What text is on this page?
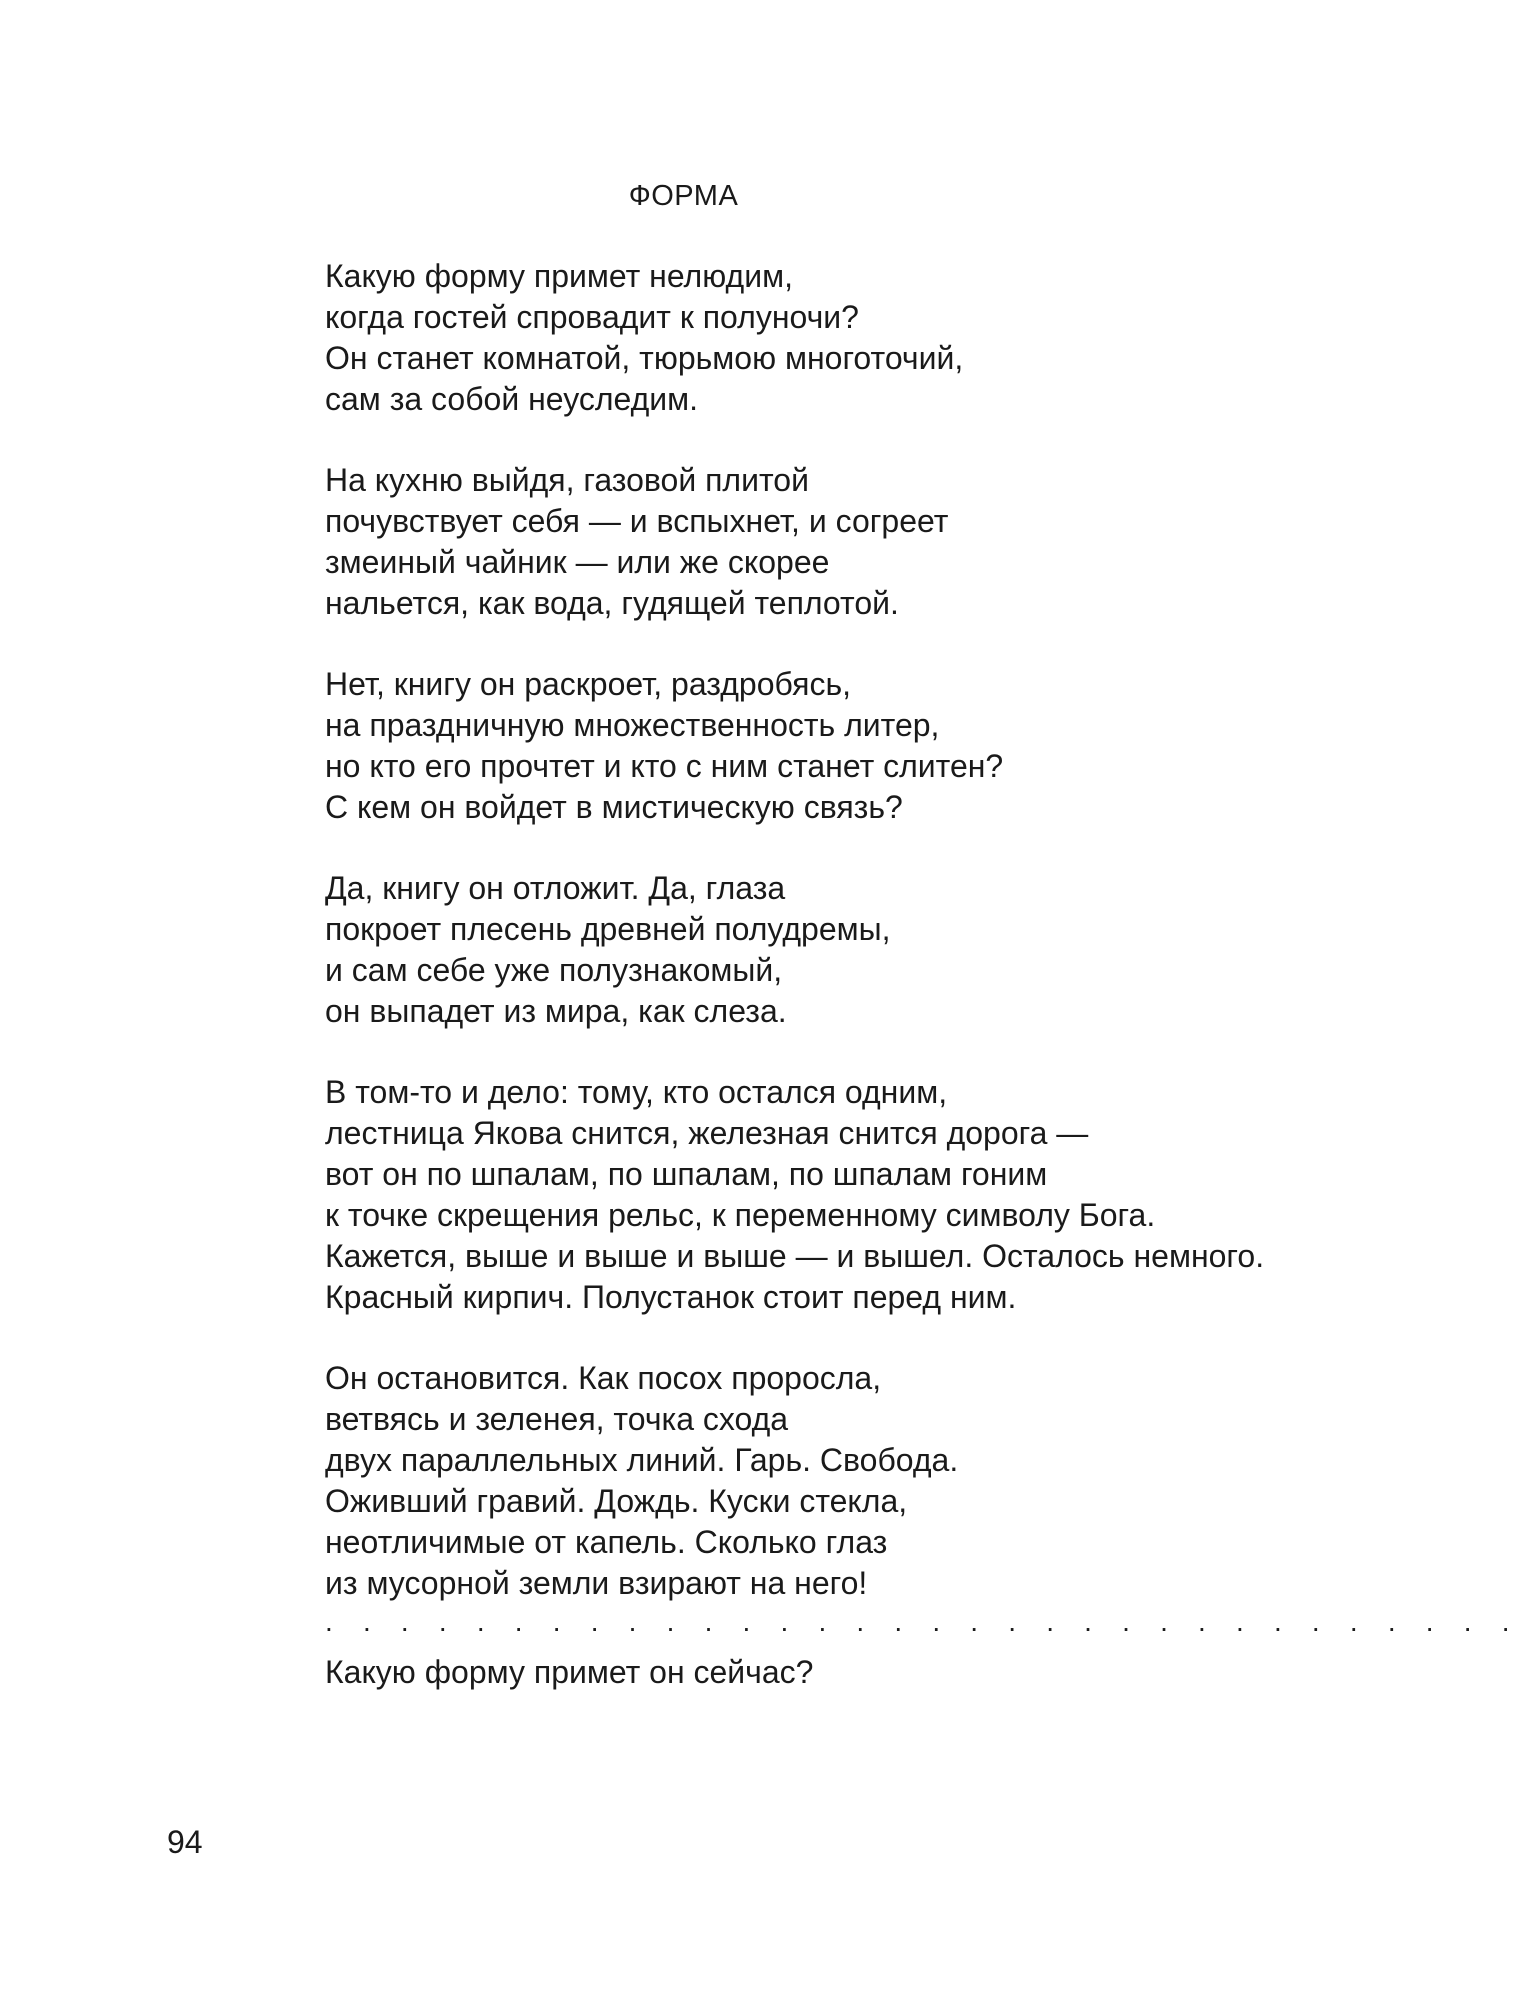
ФОРМА
Какую форму примет нелюдим,
когда гостей спровадит к полуночи?
Он станет комнатой, тюрьмою многоточий,
сам за собой неуследим.
На кухню выйдя, газовой плитой
почувствует себя — и вспыхнет, и согреет
змеиный чайник — или же скорее
нальется, как вода, гудящей теплотой.
Нет, книгу он раскроет, раздробясь,
на праздничную множественность литер,
но кто его прочтет и кто с ним станет слитен?
С кем он войдет в мистическую связь?
Да, книгу он отложит. Да, глаза
покроет плесень древней полудремы,
и сам себе уже полузнакомый,
он выпадет из мира, как слеза.
В том-то и дело: тому, кто остался одним,
лестница Якова снится, железная снится дорога —
вот он по шпалам, по шпалам, по шпалам гоним
к точке скрещения рельс, к переменному символу Бога.
Кажется, выше и выше и выше — и вышел. Осталось немного.
Красный кирпич. Полустанок стоит перед ним.
Он остановится. Как посох проросла,
ветвясь и зеленея, точка схода
двух параллельных линий. Гарь. Свобода.
Оживший гравий. Дождь. Куски стекла,
неотличимые от капель. Сколько глаз
из мусорной земли взирают на него!
. . . . . . . . . . . . . . . . . . . . . . . . . . . . . . . .
Какую форму примет он сейчас?
94
